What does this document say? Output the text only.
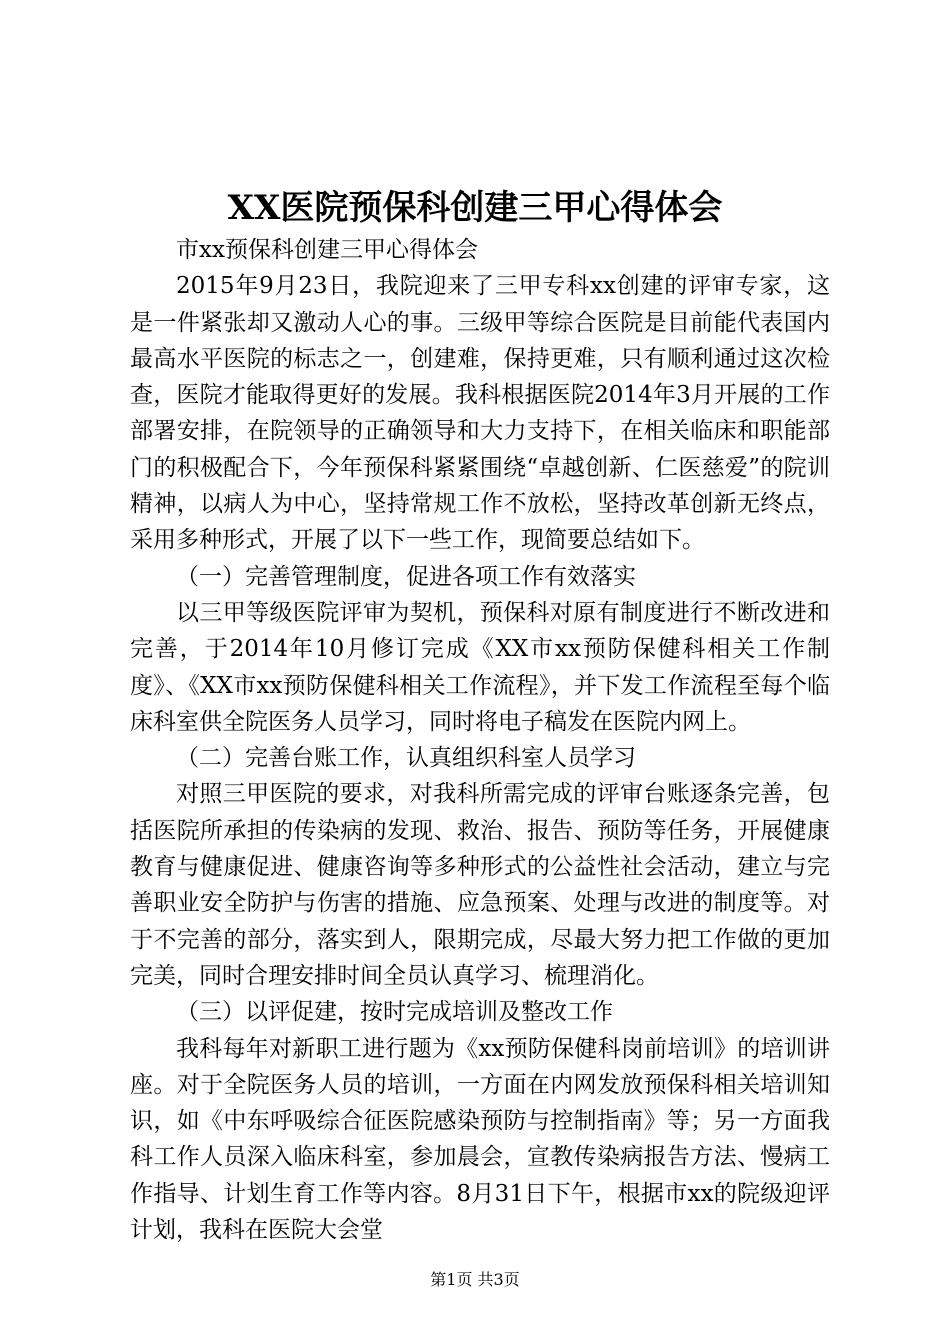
XX医院预保科创建三甲心得体会

市xx预保科创建三甲心得体会

2015年9月23日，我院迎来了三甲专科xx创建的评审专家，这是一件紧张却又激动人心的事。三级甲等综合医院是目前能代表国内最高水平医院的标志之一，创建难，保持更难，只有顺利通过这次检查，医院才能取得更好的发展。我科根据医院2014年3月开展的工作部署安排，在院领导的正确领导和大力支持下，在相关临床和职能部门的积极配合下，今年预保科紧紧围绕“卓越创新、仁医慈爱”的院训精神，以病人为中心，坚持常规工作不放松，坚持改革创新无终点，采用多种形式，开展了以下一些工作，现简要总结如下。

（一）完善管理制度，促进各项工作有效落实

以三甲等级医院评审为契机，预保科对原有制度进行不断改进和完善，于2014年10月修订完成《XX市xx预防保健科相关工作制度》、《XX市xx预防保健科相关工作流程》，并下发工作流程至每个临床科室供全院医务人员学习，同时将电子稿发在医院内网上。

（二）完善台账工作，认真组织科室人员学习

对照三甲医院的要求，对我科所需完成的评审台账逐条完善，包括医院所承担的传染病的发现、救治、报告、预防等任务，开展健康教育与健康促进、健康咨询等多种形式的公益性社会活动，建立与完善职业安全防护与伤害的措施、应急预案、处理与改进的制度等。对于不完善的部分，落实到人，限期完成，尽最大努力把工作做的更加完美，同时合理安排时间全员认真学习、梳理消化。

（三）以评促建，按时完成培训及整改工作

我科每年对新职工进行题为《xx预防保健科岗前培训》的培训讲座。对于全院医务人员的培训，一方面在内网发放预保科相关培训知识，如《中东呼吸综合征医院感染预防与控制指南》等；另一方面我科工作人员深入临床科室，参加晨会，宣教传染病报告方法、慢病工作指导、计划生育工作等内容。8月31日下午，根据市xx的院级迎评计划，我科在医院大会堂

第1页 共3页
